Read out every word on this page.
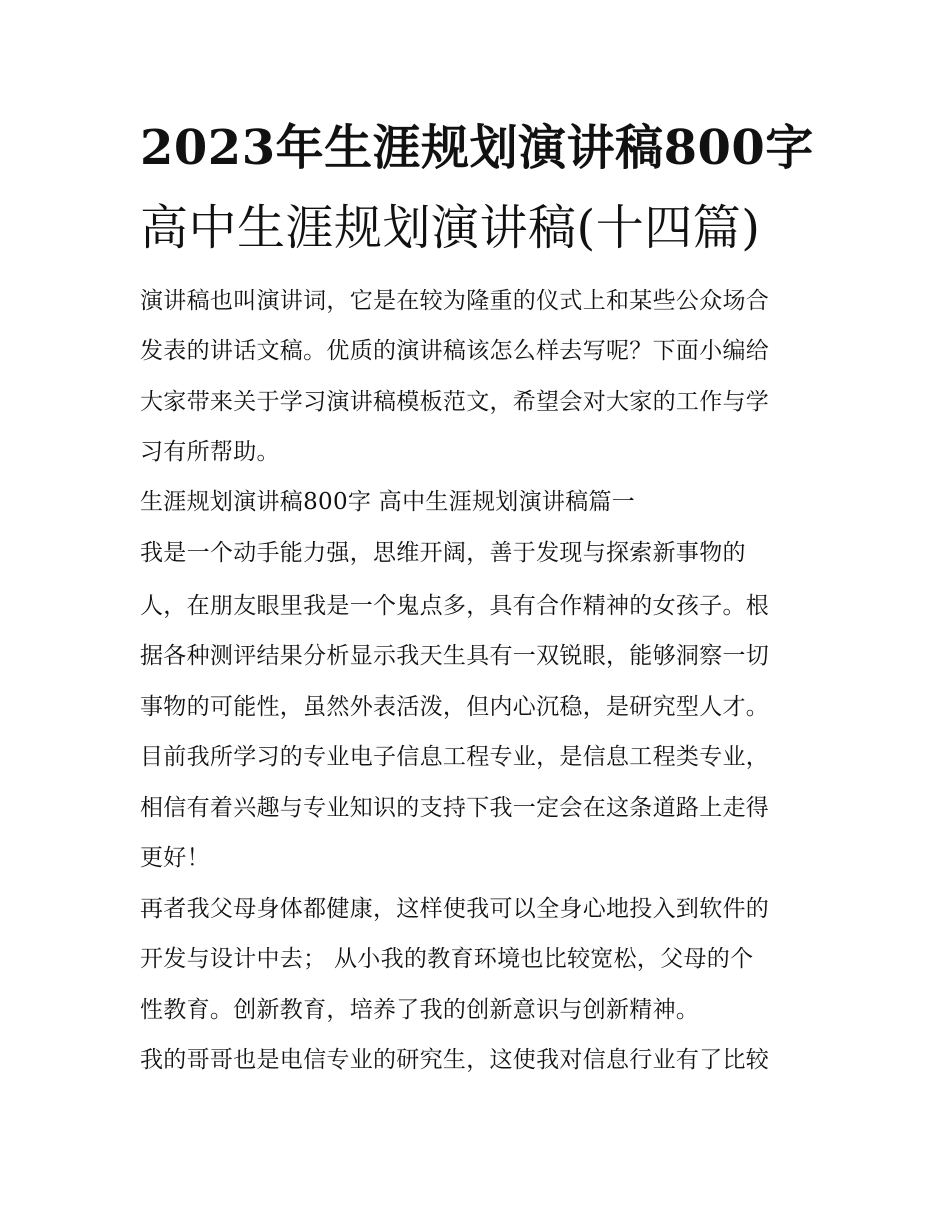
2023年生涯规划演讲稿800字
高中生涯规划演讲稿(十四篇)
演讲稿也叫演讲词，它是在较为隆重的仪式上和某些公众场合
发表的讲话文稿。优质的演讲稿该怎么样去写呢？下面小编给
大家带来关于学习演讲稿模板范文，希望会对大家的工作与学
习有所帮助。
生涯规划演讲稿800字 高中生涯规划演讲稿篇一
我是一个动手能力强，思维开阔，善于发现与探索新事物的
人，在朋友眼里我是一个鬼点多，具有合作精神的女孩子。根
据各种测评结果分析显示我天生具有一双锐眼，能够洞察一切
事物的可能性，虽然外表活泼，但内心沉稳，是研究型人才。
目前我所学习的专业电子信息工程专业，是信息工程类专业，
相信有着兴趣与专业知识的支持下我一定会在这条道路上走得
更好！
再者我父母身体都健康，这样使我可以全身心地投入到软件的
开发与设计中去； 从小我的教育环境也比较宽松，父母的个
性教育。创新教育，培养了我的创新意识与创新精神。
我的哥哥也是电信专业的研究生，这使我对信息行业有了比较
